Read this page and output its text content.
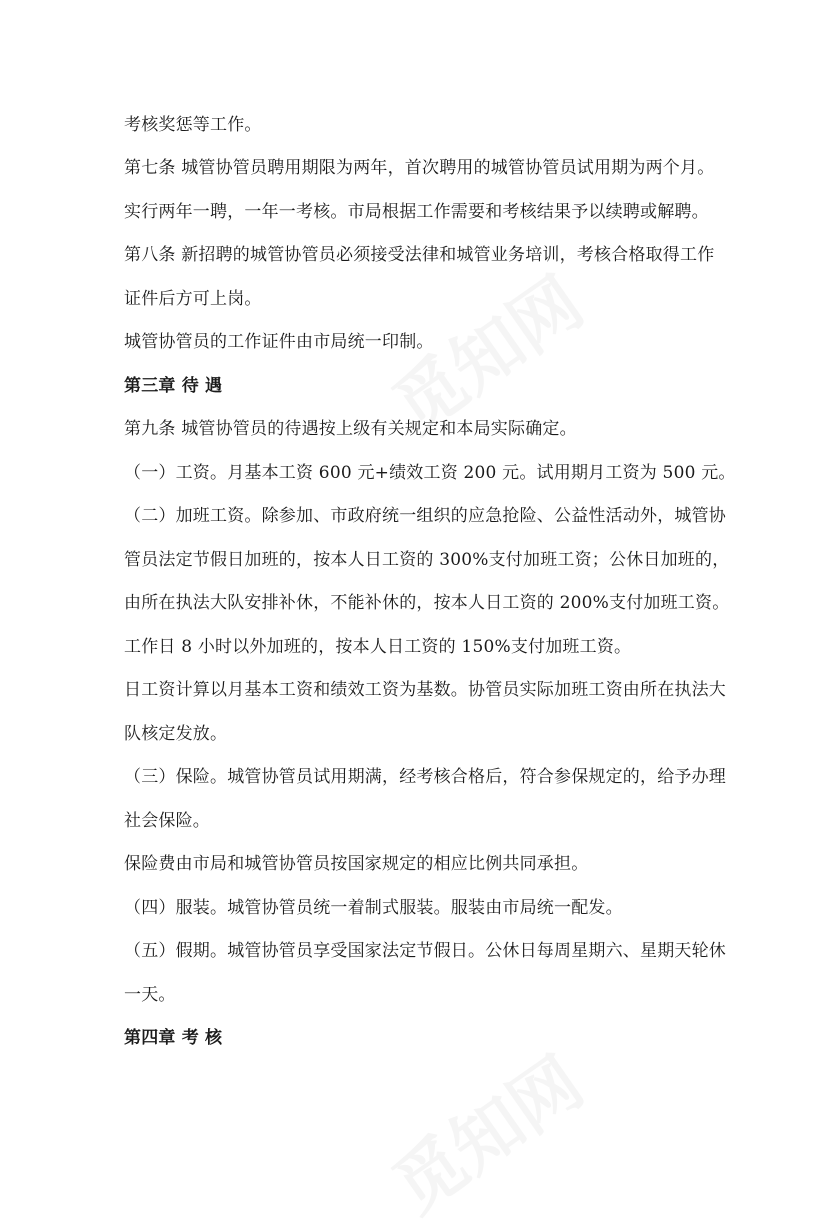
考核奖惩等工作。
第七条 城管协管员聘用期限为两年，首次聘用的城管协管员试用期为两个月。
实行两年一聘，一年一考核。市局根据工作需要和考核结果予以续聘或解聘。
第八条 新招聘的城管协管员必须接受法律和城管业务培训，考核合格取得工作
证件后方可上岗。
城管协管员的工作证件由市局统一印制。
第三章 待 遇
第九条 城管协管员的待遇按上级有关规定和本局实际确定。
（一）工资。月基本工资 600 元+绩效工资 200 元。试用期月工资为 500 元。
（二）加班工资。除参加、市政府统一组织的应急抢险、公益性活动外，城管协
管员法定节假日加班的，按本人日工资的 300%支付加班工资；公休日加班的，
由所在执法大队安排补休，不能补休的，按本人日工资的 200%支付加班工资。
工作日 8 小时以外加班的，按本人日工资的 150%支付加班工资。
日工资计算以月基本工资和绩效工资为基数。协管员实际加班工资由所在执法大
队核定发放。
（三）保险。城管协管员试用期满，经考核合格后，符合参保规定的，给予办理
社会保险。
保险费由市局和城管协管员按国家规定的相应比例共同承担。
（四）服装。城管协管员统一着制式服装。服装由市局统一配发。
（五）假期。城管协管员享受国家法定节假日。公休日每周星期六、星期天轮休
一天。
第四章 考 核
